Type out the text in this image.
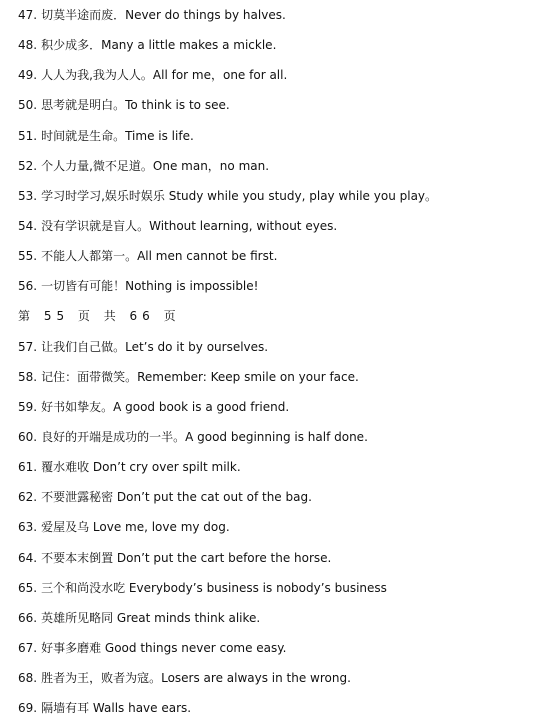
47. 切莫半途而废．Never do things by halves.
48. 积少成多．Many a little makes a mickle.
49. 人人为我,我为人人。All for me，one for all.
50. 思考就是明白。To think is to see.
51. 时间就是生命。Time is life.
52. 个人力量,微不足道。One man，no man.
53. 学习时学习,娱乐时娱乐 Study while you study, play while you play。
54. 没有学识就是盲人。Without learning, without eyes.
55. 不能人人都第一。All men cannot be first.
56. 一切皆有可能！Nothing is impossible!
第 55 页 共 66 页
57. 让我们自己做。Let’s do it by ourselves.
58. 记住：面带微笑。Remember: Keep smile on your face.
59. 好书如挚友。A good book is a good friend.
60. 良好的开端是成功的一半。A good beginning is half done.
61. 覆水难收 Don’t cry over spilt milk.
62. 不要泄露秘密 Don’t put the cat out of the bag.
63. 爱屋及乌 Love me, love my dog.
64. 不要本末倒置 Don’t put the cart before the horse.
65. 三个和尚没水吃 Everybody’s business is nobody’s business
66. 英雄所见略同 Great minds think alike.
67. 好事多磨难 Good things never come easy.
68. 胜者为王，败者为寇。Losers are always in the wrong.
69. 隔墙有耳 Walls have ears.
